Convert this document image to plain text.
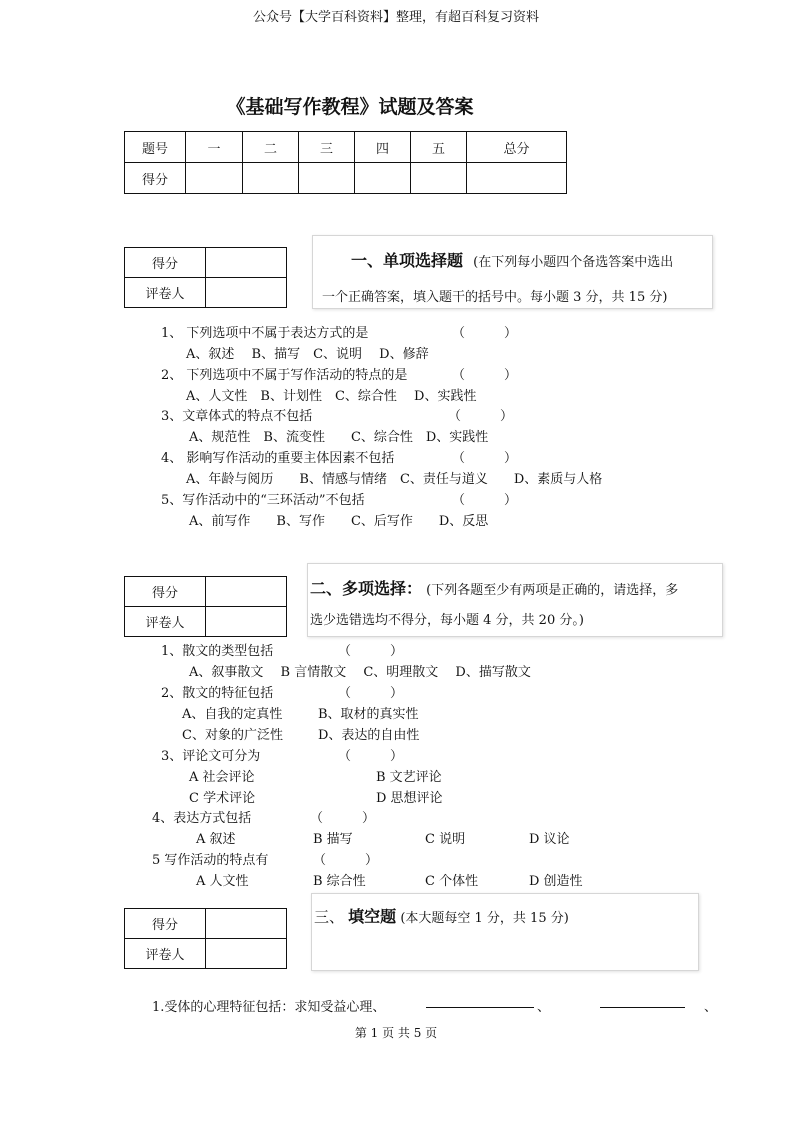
公众号【大学百科资料】整理，有超百科复习资料
《基础写作教程》试题及答案
题号	一	二	三	四	五	总分
得分						
得分	
评卷人	
一、单项选择题 (在下列每小题四个备选答案中选出
一个正确答案，填入题干的括号中。每小题 3 分，共 15 分)
1、 下列选项中不属于表达方式的是	（　　　）
A、叙述　 B、描写　C、说明　 D、修辞
2、 下列选项中不属于写作活动的特点的是	（　　　）
A、人文性　B、计划性　C、综合性　 D、实践性
3、文章体式的特点不包括	（　　　）
A、规范性　B、流变性　　C、综合性　D、实践性
4、 影响写作活动的重要主体因素不包括	（　　　）
A、年龄与阅历　　B、情感与情绪　C、责任与道义　　D、素质与人格
5、写作活动中的“三环活动”不包括	（　　　）
A、前写作　　B、写作　　C、后写作　　D、反思
得分	
评卷人	
二、多项选择： (下列各题至少有两项是正确的，请选择，多
选少选错选均不得分，每小题 4 分，共 20 分。)
1、散文的类型包括	（　　　）
A、叙事散文　 B 言情散文　 C、明理散文　 D、描写散文
2、散文的特征包括	（　　　）
A、自我的定真性	B、取材的真实性
C、对象的广泛性	D、表达的自由性
3、评论文可分为	（　　　）
A 社会评论	B 文艺评论
C 学术评论	D 思想评论
4、表达方式包括	（　　　）
A 叙述	B 描写	C 说明	D 议论
5 写作活动的特点有	（　　　）
A 人文性	B 综合性	C 个体性	D 创造性
得分	
评卷人	
三、 填空题 (本大题每空 1 分，共 15 分)
1.受体的心理特征包括：求知受益心理、	、	、
第 1 页 共 5 页
